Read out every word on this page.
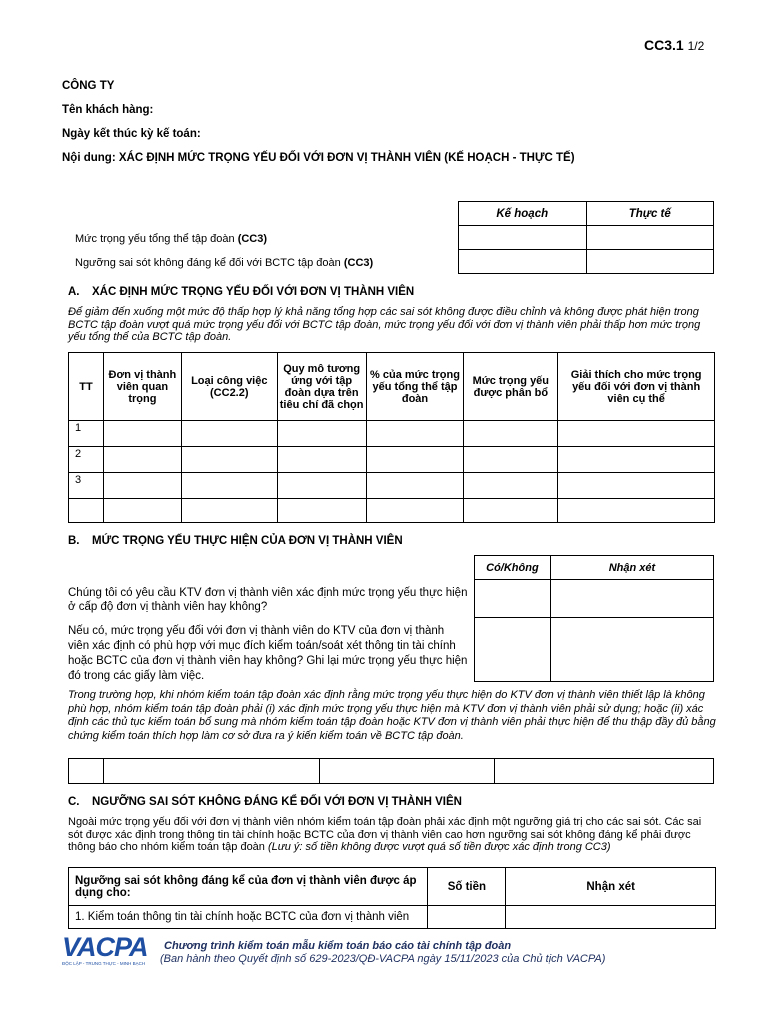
CC3.1 1/2
CÔNG TY
Tên khách hàng:
Ngày kết thúc kỳ kế toán:
Nội dung: XÁC ĐỊNH MỨC TRỌNG YẾU ĐỐI VỚI ĐƠN VỊ THÀNH VIÊN (KẾ HOẠCH - THỰC TẾ)
Kế hoạch	Thực tế

Mức trọng yếu tổng thể tập đoàn (CC3)
Ngưỡng sai sót không đáng kể đối với BCTC tập đoàn (CC3)
A. XÁC ĐỊNH MỨC TRỌNG YẾU ĐỐI VỚI ĐƠN VỊ THÀNH VIÊN
Để giảm đến xuống một mức độ thấp hợp lý khả năng tổng hợp các sai sót không được điều chỉnh và không được phát hiện trong BCTC tập đoàn vượt quá mức trọng yếu đối với BCTC tập đoàn, mức trọng yếu đối với đơn vị thành viên phải thấp hơn mức trọng yếu tổng thể của BCTC tập đoàn.
TT	Đơn vị thành viên quan trọng	Loại công việc (CC2.2)	Quy mô tương ứng với tập đoàn dựa trên tiêu chí đã chọn	% của mức trọng yếu tổng thể tập đoàn	Mức trọng yếu được phân bổ	Giải thích cho mức trọng yếu đối với đơn vị thành viên cụ thể
1						
2						
3						

B. MỨC TRỌNG YẾU THỰC HIỆN CỦA ĐƠN VỊ THÀNH VIÊN
Có/Không	Nhận xét

Chúng tôi có yêu cầu KTV đơn vị thành viên xác định mức trọng yếu thực hiện ở cấp độ đơn vị thành viên hay không?
Nếu có, mức trọng yếu đối với đơn vị thành viên do KTV của đơn vị thành viên xác định có phù hợp với mục đích kiểm toán/soát xét thông tin tài chính hoặc BCTC của đơn vị thành viên hay không? Ghi lại mức trọng yếu thực hiện đó trong các giấy làm việc.
Trong trường hợp, khi nhóm kiểm toán tập đoàn xác định rằng mức trọng yếu thực hiện do KTV đơn vị thành viên thiết lập là không phù hợp, nhóm kiểm toán tập đoàn phải (i) xác định mức trọng yếu thực hiện mà KTV đơn vị thành viên phải sử dụng; hoặc (ii) xác định các thủ tục kiểm toán bổ sung mà nhóm kiểm toán tập đoàn hoặc KTV đơn vị thành viên phải thực hiện để thu thập đầy đủ bằng chứng kiểm toán thích hợp làm cơ sở đưa ra ý kiến kiểm toán về BCTC tập đoàn.

C. NGƯỠNG SAI SÓT KHÔNG ĐÁNG KỂ ĐỐI VỚI ĐƠN VỊ THÀNH VIÊN
Ngoài mức trọng yếu đối với đơn vị thành viên nhóm kiểm toán tập đoàn phải xác định một ngưỡng giá trị cho các sai sót. Các sai sót được xác định trong thông tin tài chính hoặc BCTC của đơn vị thành viên cao hơn ngưỡng sai sót không đáng kể phải được thông báo cho nhóm kiểm toán tập đoàn (Lưu ý: số tiền không được vượt quá số tiền được xác định trong CC3)
Ngưỡng sai sót không đáng kể của đơn vị thành viên được áp dụng cho:	Số tiền	Nhận xét
1. Kiểm toán thông tin tài chính hoặc BCTC của đơn vị thành viên		
VACPA
ĐỘC LẬP - TRUNG THỰC - MINH BẠCH
Chương trình kiểm toán mẫu kiểm toán báo cáo tài chính tập đoàn
(Ban hành theo Quyết định số 629-2023/QĐ-VACPA ngày 15/11/2023 của Chủ tịch VACPA)
